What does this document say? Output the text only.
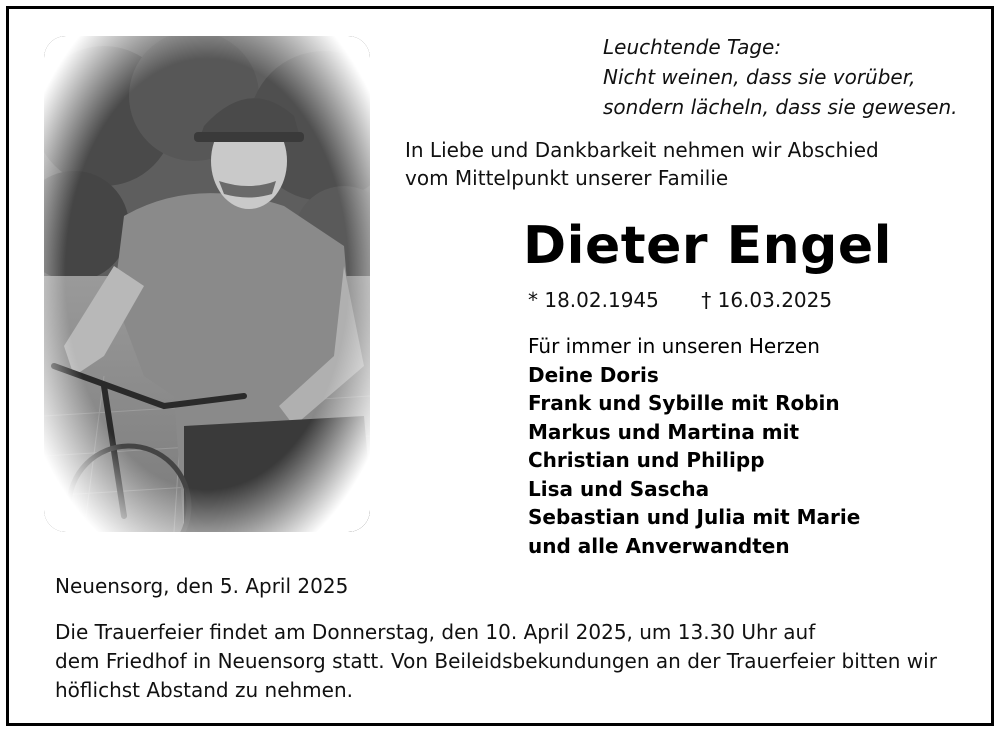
Leuchtende Tage:
Nicht weinen, dass sie vorüber,
sondern lächeln, dass sie gewesen.
In Liebe und Dankbarkeit nehmen wir Abschied
vom Mittelpunkt unserer Familie
Dieter Engel
* 18.02.1945 † 16.03.2025
Für immer in unseren Herzen
Deine Doris
Frank und Sybille mit Robin
Markus und Martina mit
Christian und Philipp
Lisa und Sascha
Sebastian und Julia mit Marie
und alle Anverwandten
Neuensorg, den 5. April 2025
Die Trauerfeier findet am Donnerstag, den 10. April 2025, um 13.30 Uhr auf
dem Friedhof in Neuensorg statt. Von Beileidsbekundungen an der Trauerfeier bitten wir
höflichst Abstand zu nehmen.
